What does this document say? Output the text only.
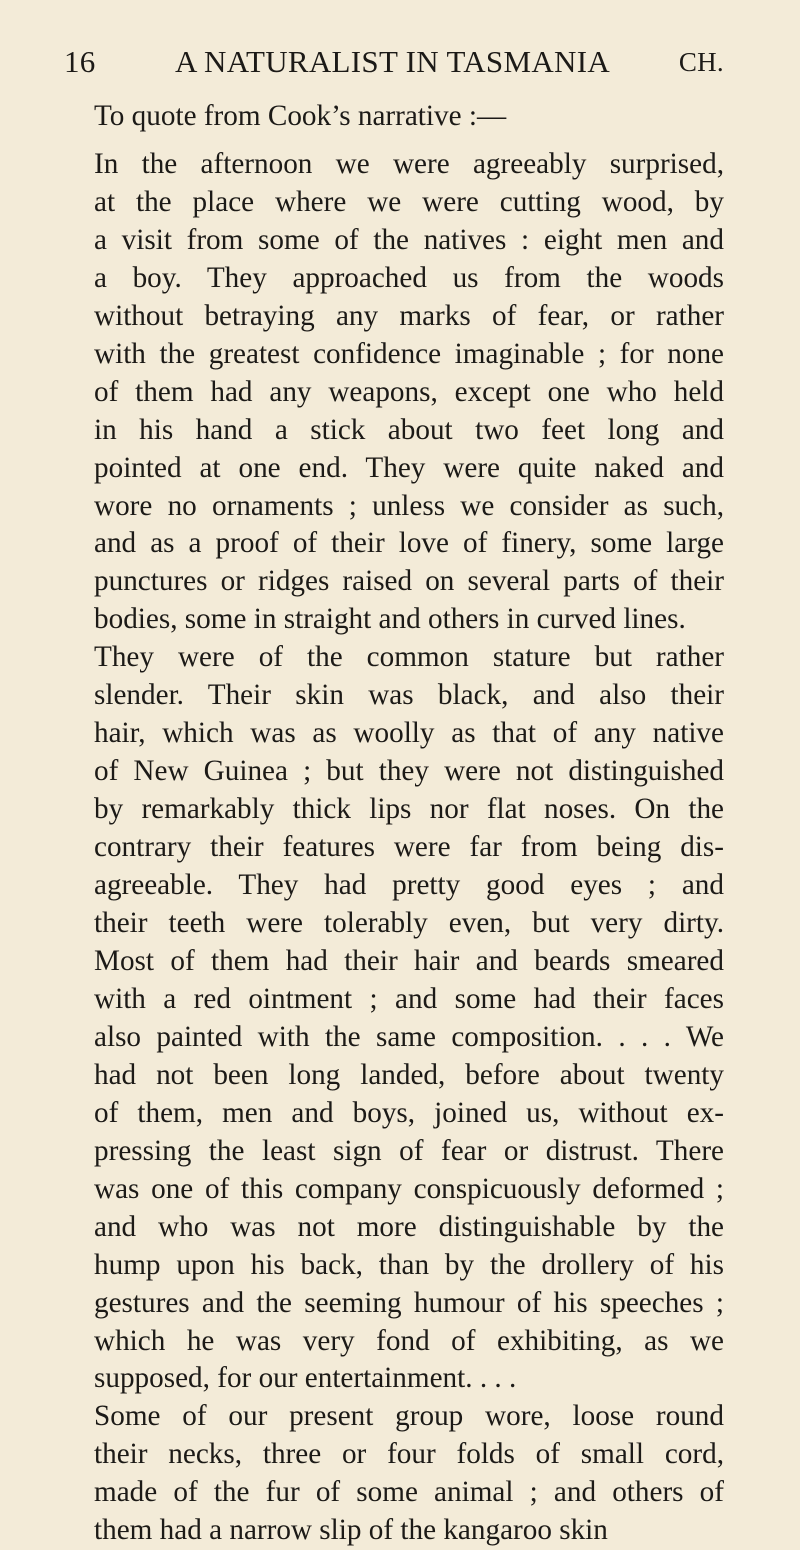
16	A NATURALIST IN TASMANIA	CH.

To quote from Cook’s narrative :—

In the afternoon we were agreeably surprised,
at the place where we were cutting wood, by
a visit from some of the natives : eight men and
a boy. They approached us from the woods
without betraying any marks of fear, or rather
with the greatest confidence imaginable ; for none
of them had any weapons, except one who held
in his hand a stick about two feet long and
pointed at one end. They were quite naked and
wore no ornaments ; unless we consider as such,
and as a proof of their love of finery, some large
punctures or ridges raised on several parts of their
bodies, some in straight and others in curved lines.
They were of the common stature but rather
slender. Their skin was black, and also their
hair, which was as woolly as that of any native
of New Guinea ; but they were not distinguished
by remarkably thick lips nor flat noses. On the
contrary their features were far from being dis-
agreeable. They had pretty good eyes ; and
their teeth were tolerably even, but very dirty.
Most of them had their hair and beards smeared
with a red ointment ; and some had their faces
also painted with the same composition. . . . We
had not been long landed, before about twenty
of them, men and boys, joined us, without ex-
pressing the least sign of fear or distrust. There
was one of this company conspicuously deformed ;
and who was not more distinguishable by the
hump upon his back, than by the drollery of his
gestures and the seeming humour of his speeches ;
which he was very fond of exhibiting, as we
supposed, for our entertainment. . . .
Some of our present group wore, loose round
their necks, three or four folds of small cord,
made of the fur of some animal ; and others of
them had a narrow slip of the kangaroo skin
